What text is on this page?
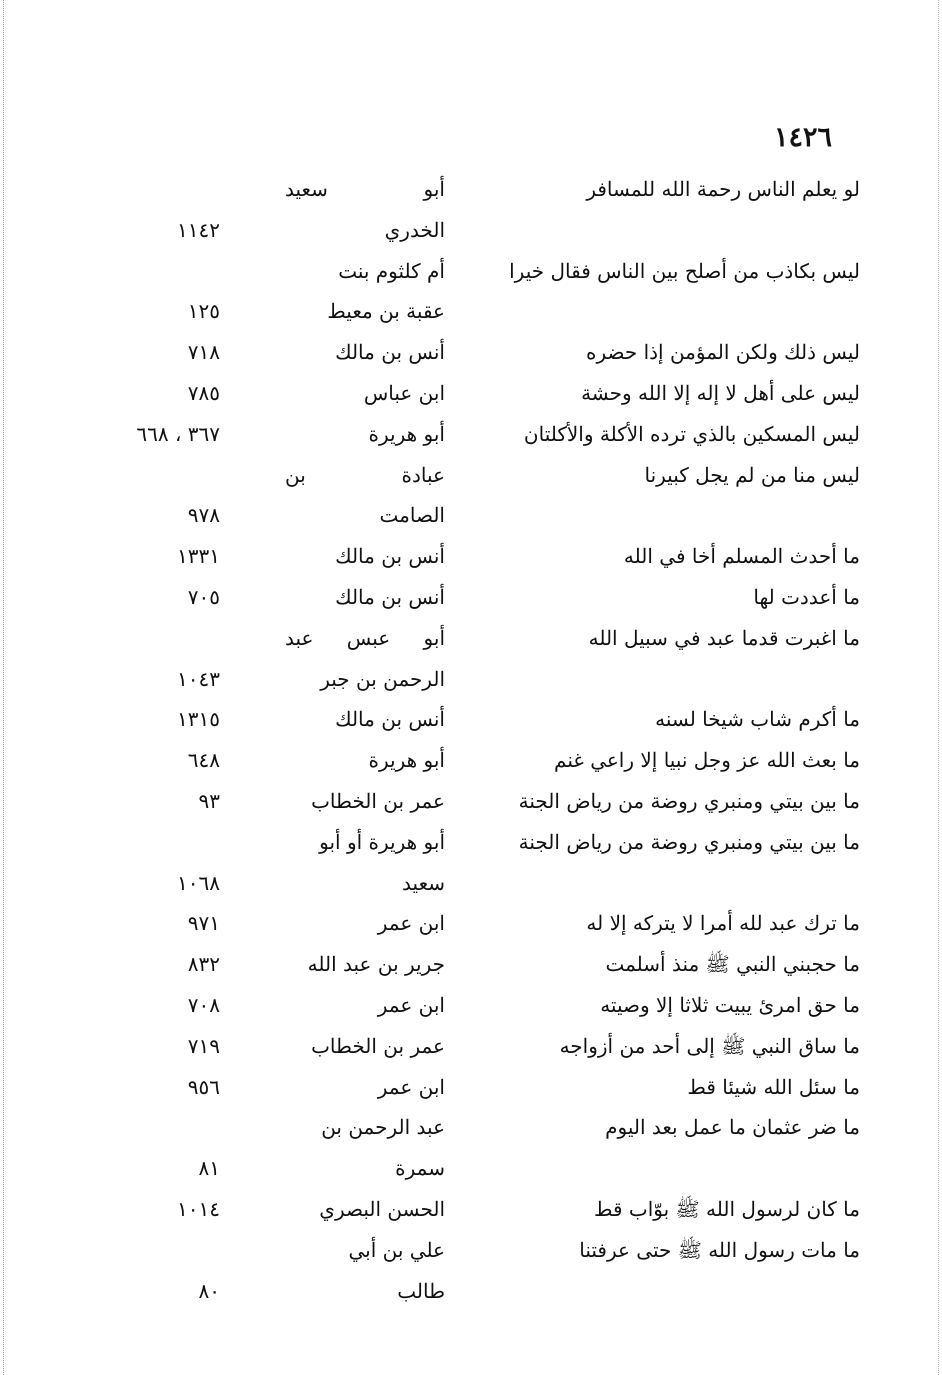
١٤٢٦
لو يعلم الناس رحمة الله للمسافر
أبو سعيد
الخدري
١١٤٢
ليس بكاذب من أصلح بين الناس فقال خيرا
أم كلثوم بنت
عقبة بن معيط
١٢٥
ليس ذلك ولكن المؤمن إذا حضره
أنس بن مالك
٧١٨
ليس على أهل لا إله إلا الله وحشة
ابن عباس
٧٨٥
ليس المسكين بالذي ترده الأكلة والأكلتان
أبو هريرة
٣٦٧ ، ٦٦٨
ليس منا من لم يجل كبيرنا
عبادة بن
الصامت
٩٧٨
ما أحدث المسلم أخا في الله
أنس بن مالك
١٣٣١
ما أعددت لها
أنس بن مالك
٧٠٥
ما اغبرت قدما عبد في سبيل الله
أبو عبس عبد
الرحمن بن جبر
١٠٤٣
ما أكرم شاب شيخا لسنه
أنس بن مالك
١٣١٥
ما بعث الله عز وجل نبيا إلا راعي غنم
أبو هريرة
٦٤٨
ما بين بيتي ومنبري روضة من رياض الجنة
عمر بن الخطاب
٩٣
ما بين بيتي ومنبري روضة من رياض الجنة
أبو هريرة أو أبو
سعيد
١٠٦٨
ما ترك عبد لله أمرا لا يتركه إلا له
ابن عمر
٩٧١
ما حجبني النبي ﷺ منذ أسلمت
جرير بن عبد الله
٨٣٢
ما حق امرئ يبيت ثلاثا إلا وصيته
ابن عمر
٧٠٨
ما ساق النبي ﷺ إلى أحد من أزواجه
عمر بن الخطاب
٧١٩
ما سئل الله شيئا قط
ابن عمر
٩٥٦
ما ضر عثمان ما عمل بعد اليوم
عبد الرحمن بن
سمرة
٨١
ما كان لرسول الله ﷺ بوّاب قط
الحسن البصري
١٠١٤
ما مات رسول الله ﷺ حتى عرفتنا
علي بن أبي
طالب
٨٠
